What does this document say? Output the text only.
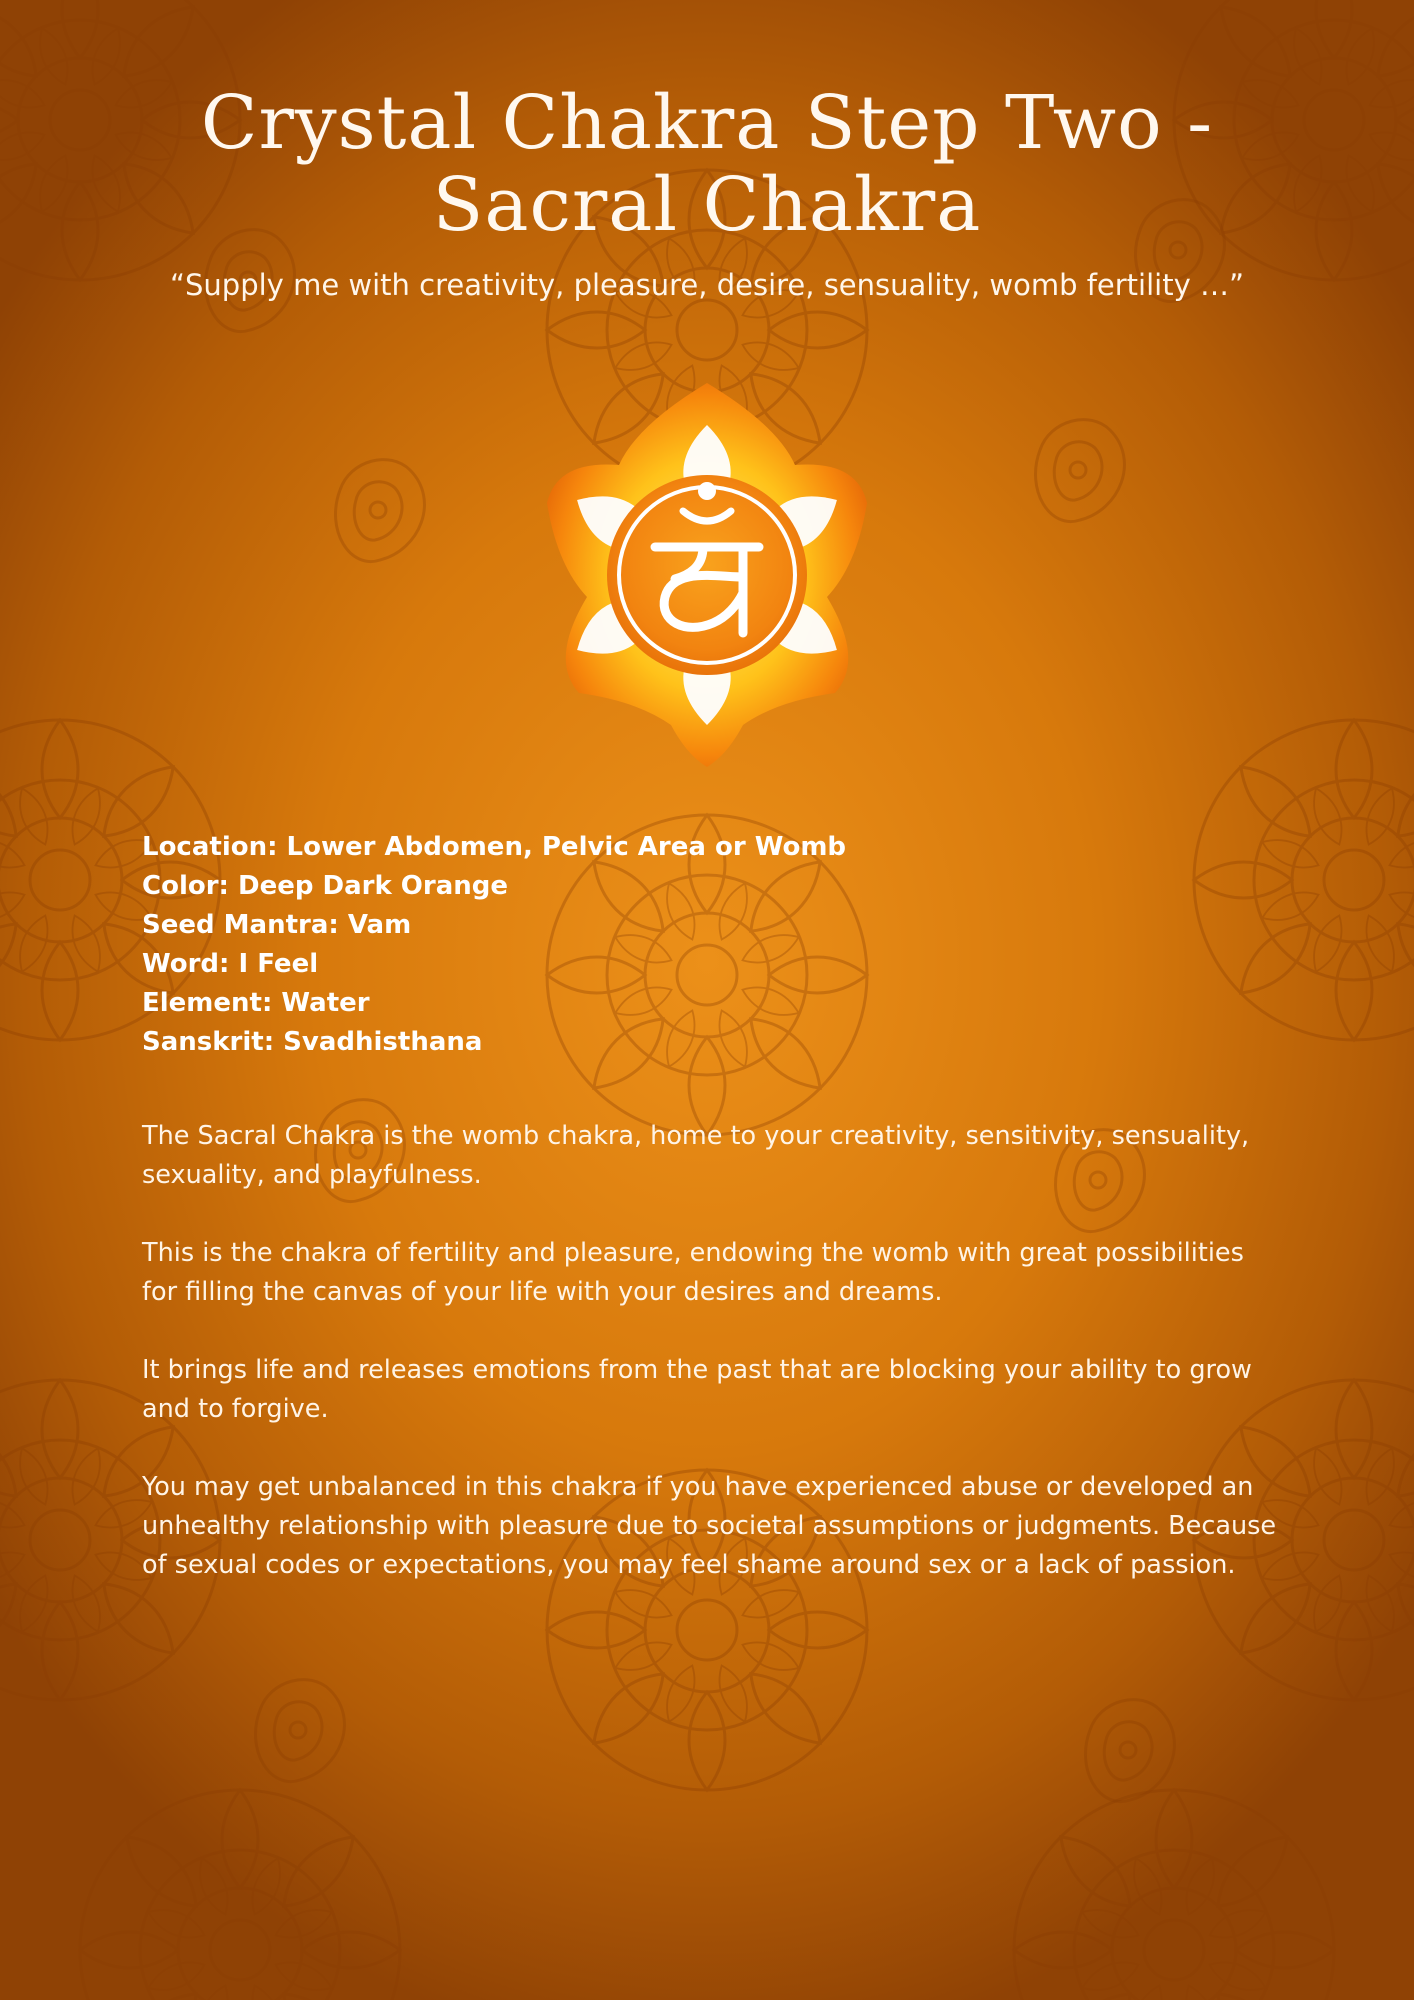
Crystal Chakra Step Two -
Sacral Chakra
“Supply me with creativity, pleasure, desire, sensuality, womb fertility …”
Location: Lower Abdomen, Pelvic Area or Womb
Color: Deep Dark Orange
Seed Mantra: Vam
Word: I Feel
Element: Water
Sanskrit: Svadhisthana

The Sacral Chakra is the womb chakra, home to your creativity, sensitivity, sensuality, sexuality, and playfulness.

This is the chakra of fertility and pleasure, endowing the womb with great possibilities for filling the canvas of your life with your desires and dreams.

It brings life and releases emotions from the past that are blocking your ability to grow and to forgive.

You may get unbalanced in this chakra if you have experienced abuse or developed an unhealthy relationship with pleasure due to societal assumptions or judgments. Because of sexual codes or expectations, you may feel shame around sex or a lack of passion.
